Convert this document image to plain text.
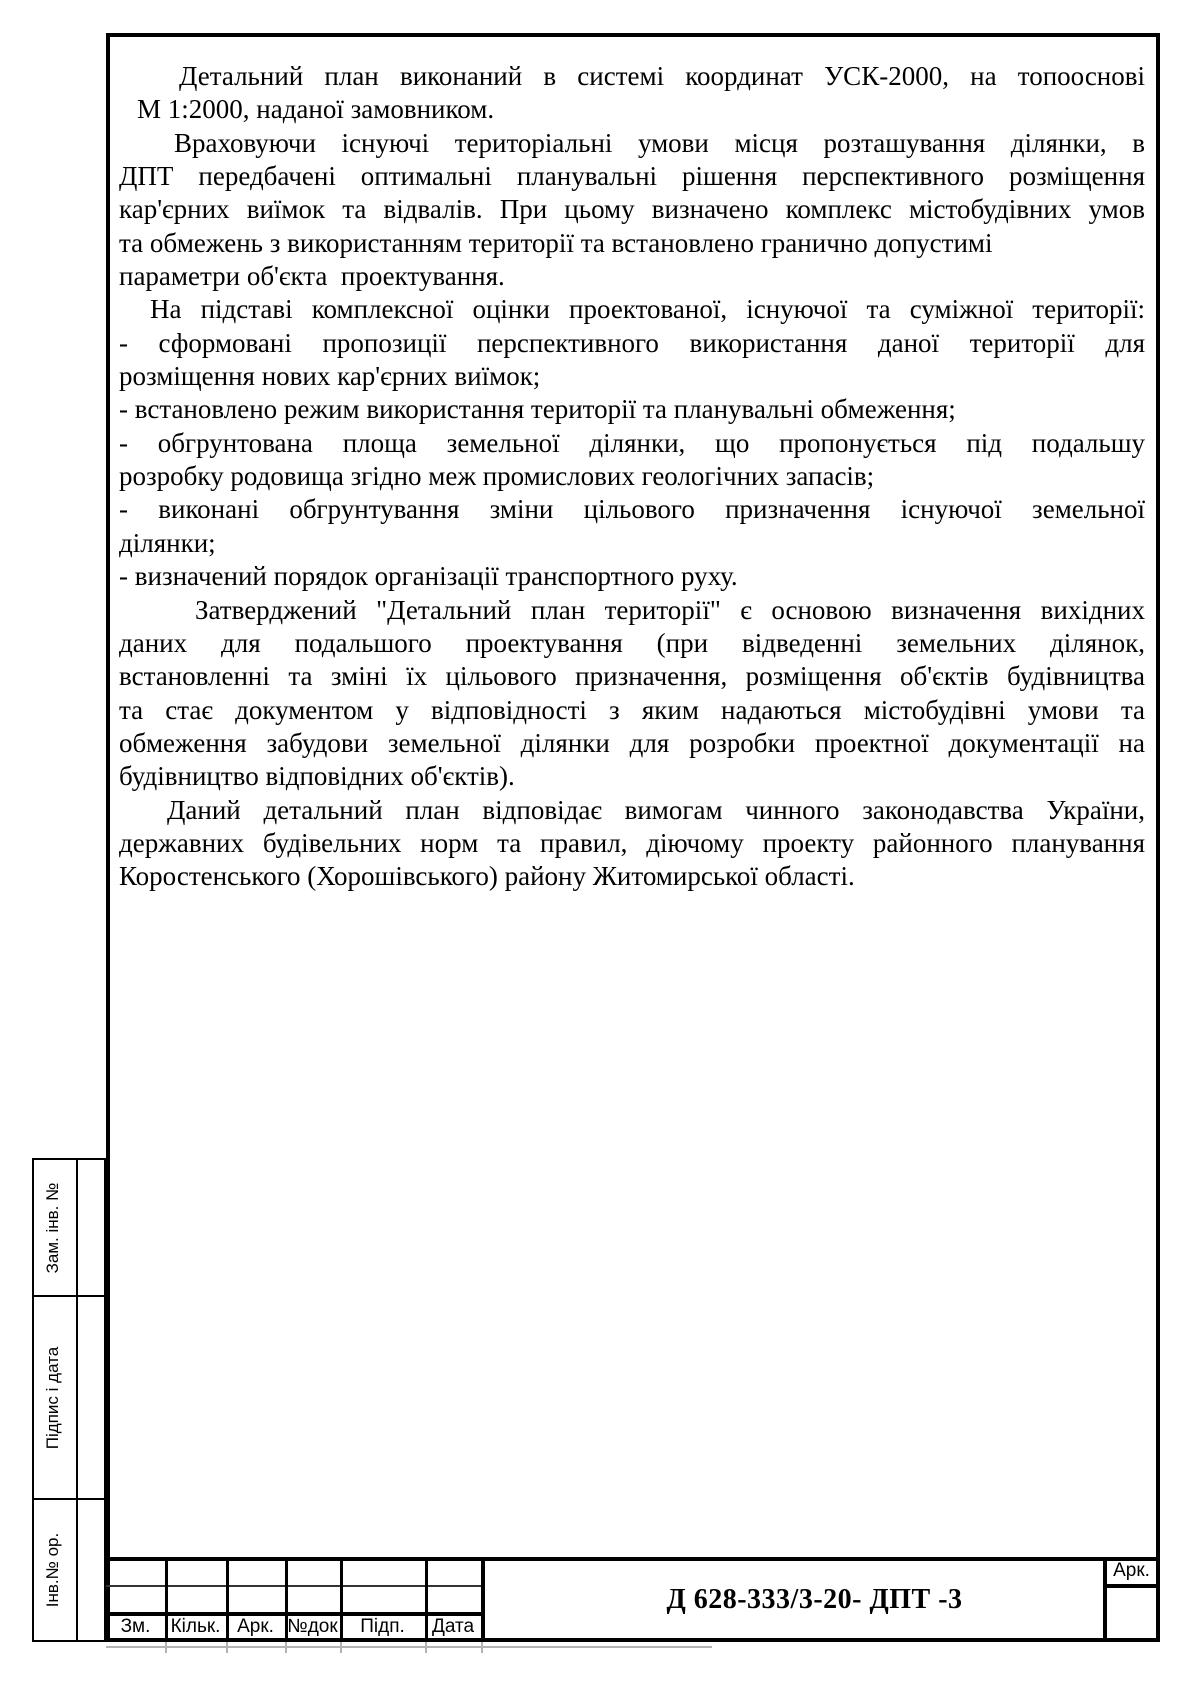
Детальний план виконаний в системі координат УСК-2000, на топооснові
М 1:2000, наданої замовником.
Враховуючи існуючі територіальні умови місця розташування ділянки, в
ДПТ передбачені оптимальні планувальні рішення перспективного розміщення
кар'єрних виїмок та відвалів. При цьому визначено комплекс містобудівних умов
та обмежень з використанням території та встановлено гранично допустимі
параметри об'єкта  проектування.
На підставі комплексної оцінки проектованої, існуючої та суміжної території:
- сформовані пропозиції перспективного використання даної території для
розміщення нових кар'єрних виїмок;
- встановлено режим використання території та планувальні обмеження;
- обгрунтована площа земельної ділянки, що пропонується під подальшу
розробку родовища згідно меж промислових геологічних запасів;
- виконані обгрунтування зміни цільового призначення існуючої земельної
ділянки;
- визначений порядок організації транспортного руху.
Затверджений "Детальний план території" є основою визначення вихідних
даних для подальшого проектування (при відведенні земельних ділянок,
встановленні та зміні їх цільового призначення, розміщення об'єктів будівництва
та стає документом у відповідності з яким надаються містобудівні умови та
обмеження забудови земельної ділянки для розробки проектної документації на
будівництво відповідних об'єктів).
Даний детальний план відповідає вимогам чинного законодавства України,
державних будівельних норм та правил, діючому проекту районного планування
Коростенського (Хорошівського) району Житомирської області.
Зам. інв. №
Підпис і дата
Інв.№ ор.
Зм.	Кільк. Арк. №док	Підп.	Дата
Д 628-333/3-20- ДПТ -3
Арк.
